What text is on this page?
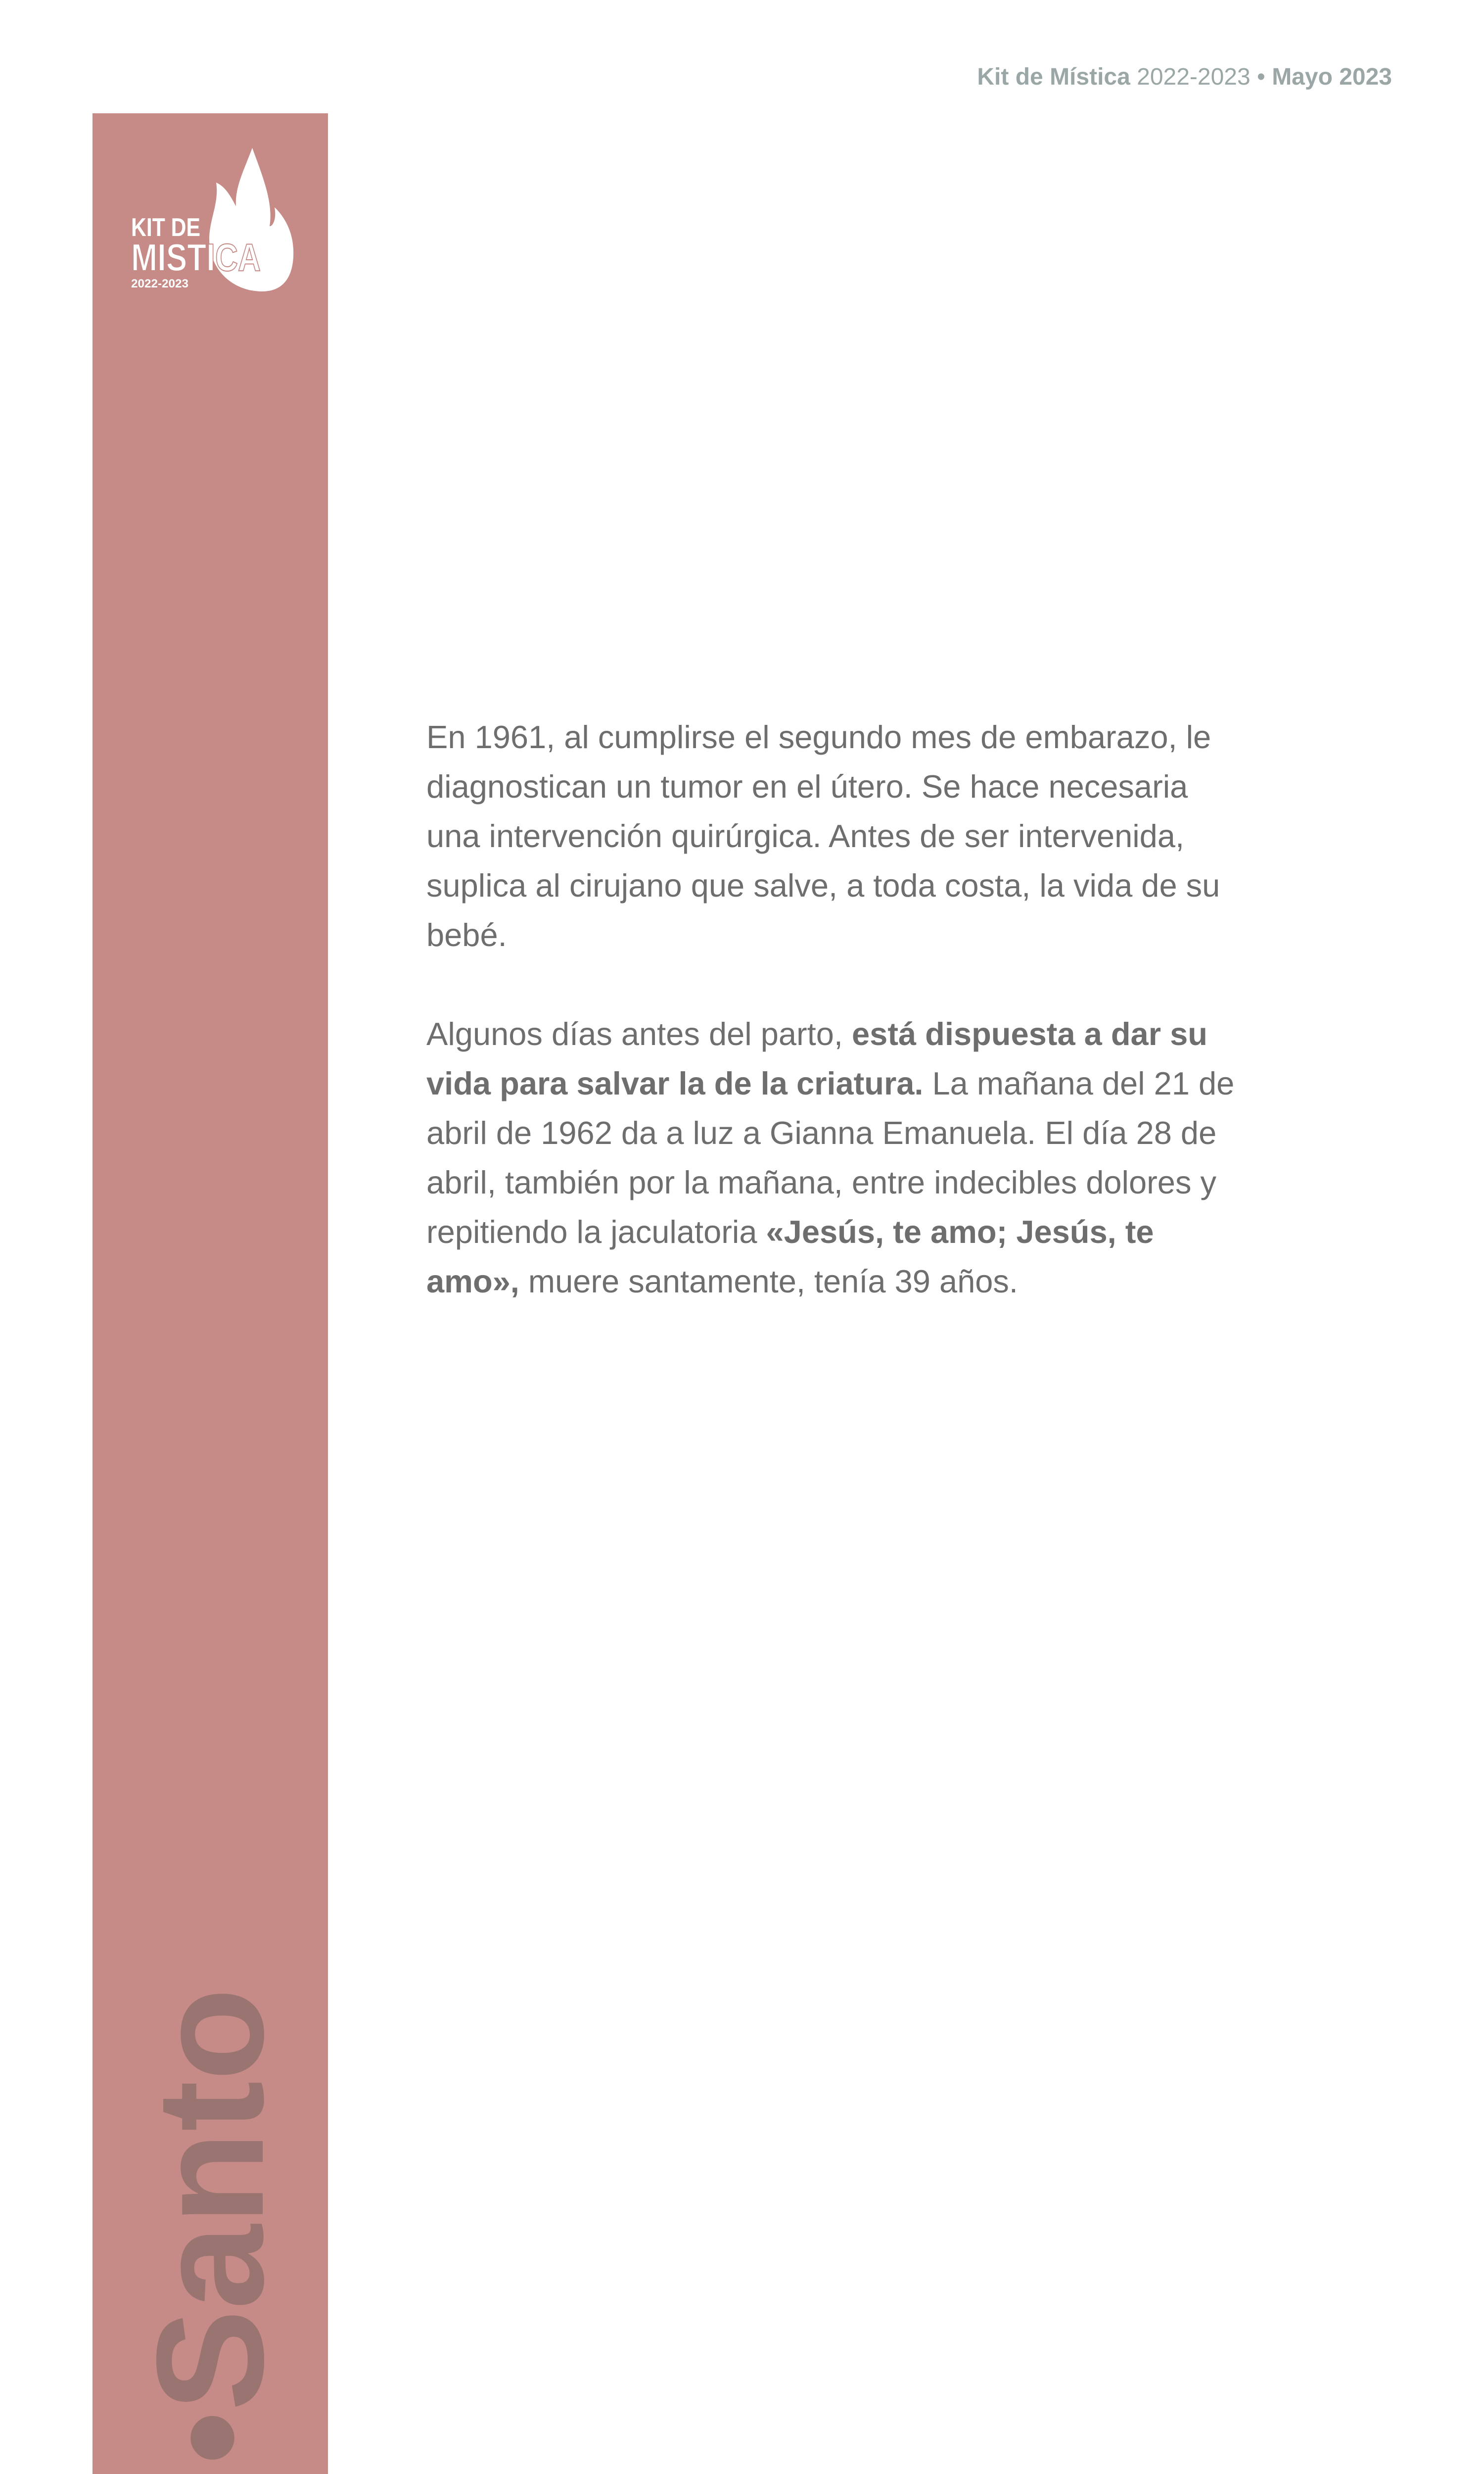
Kit de Mística 2022-2023 • Mayo 2023
KIT DE
MISTICA
2022-2023
•Santo

En 1961, al cumplirse el segundo mes de embarazo, le diagnostican un tumor en el útero. Se hace necesaria una intervención quirúrgica. Antes de ser intervenida, suplica al cirujano que salve, a toda costa, la vida de su bebé.

Algunos días antes del parto, está dispuesta a dar su vida para salvar la de la criatura. La mañana del 21 de abril de 1962 da a luz a Gianna Emanuela. El día 28 de abril, también por la mañana, entre indecibles dolores y repitiendo la jaculatoria «Jesús, te amo; Jesús, te amo», muere santamente, tenía 39 años.
